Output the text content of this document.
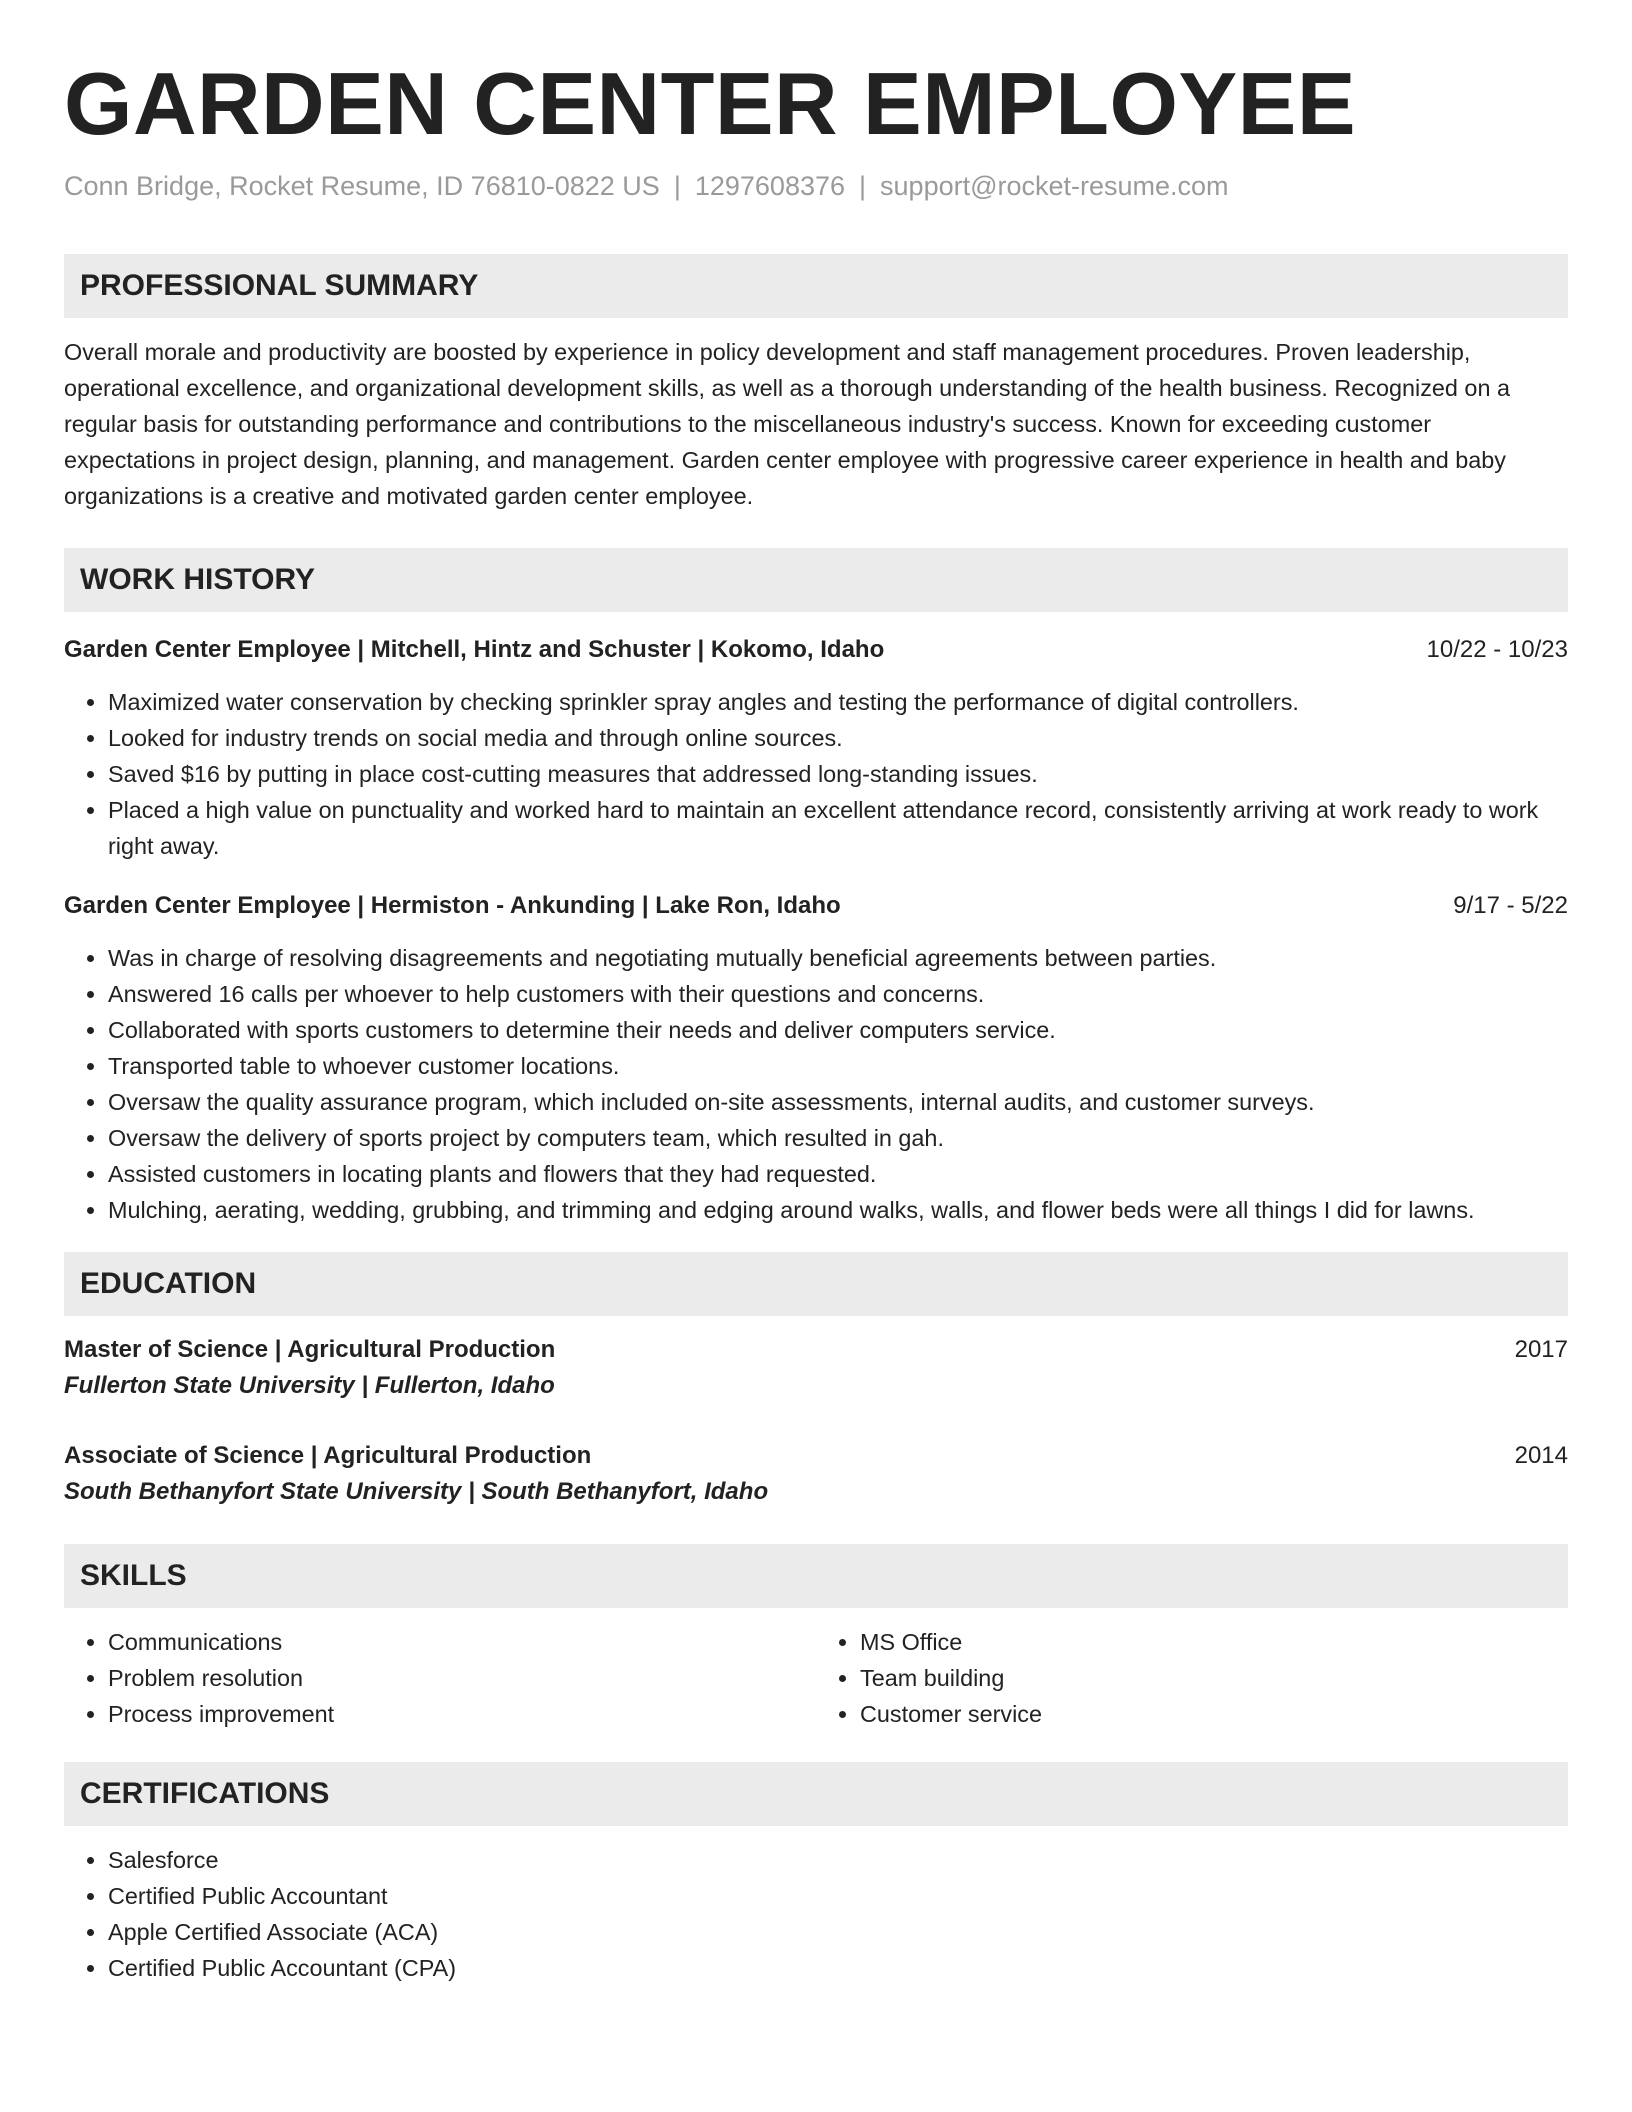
GARDEN CENTER EMPLOYEE
Conn Bridge, Rocket Resume, ID 76810-0822 US | 1297608376 | support@rocket-resume.com
PROFESSIONAL SUMMARY
Overall morale and productivity are boosted by experience in policy development and staff management procedures. Proven leadership, operational excellence, and organizational development skills, as well as a thorough understanding of the health business. Recognized on a regular basis for outstanding performance and contributions to the miscellaneous industry's success. Known for exceeding customer expectations in project design, planning, and management. Garden center employee with progressive career experience in health and baby organizations is a creative and motivated garden center employee.
WORK HISTORY
Garden Center Employee | Mitchell, Hintz and Schuster | Kokomo, Idaho	10/22 - 10/23
• Maximized water conservation by checking sprinkler spray angles and testing the performance of digital controllers.
• Looked for industry trends on social media and through online sources.
• Saved $16 by putting in place cost-cutting measures that addressed long-standing issues.
• Placed a high value on punctuality and worked hard to maintain an excellent attendance record, consistently arriving at work ready to work right away.
Garden Center Employee | Hermiston - Ankunding | Lake Ron, Idaho	9/17 - 5/22
• Was in charge of resolving disagreements and negotiating mutually beneficial agreements between parties.
• Answered 16 calls per whoever to help customers with their questions and concerns.
• Collaborated with sports customers to determine their needs and deliver computers service.
• Transported table to whoever customer locations.
• Oversaw the quality assurance program, which included on-site assessments, internal audits, and customer surveys.
• Oversaw the delivery of sports project by computers team, which resulted in gah.
• Assisted customers in locating plants and flowers that they had requested.
• Mulching, aerating, wedding, grubbing, and trimming and edging around walks, walls, and flower beds were all things I did for lawns.
EDUCATION
Master of Science | Agricultural Production	2017
Fullerton State University | Fullerton, Idaho
Associate of Science | Agricultural Production	2014
South Bethanyfort State University | South Bethanyfort, Idaho
SKILLS
• Communications
• Problem resolution
• Process improvement
• MS Office
• Team building
• Customer service
CERTIFICATIONS
• Salesforce
• Certified Public Accountant
• Apple Certified Associate (ACA)
• Certified Public Accountant (CPA)
